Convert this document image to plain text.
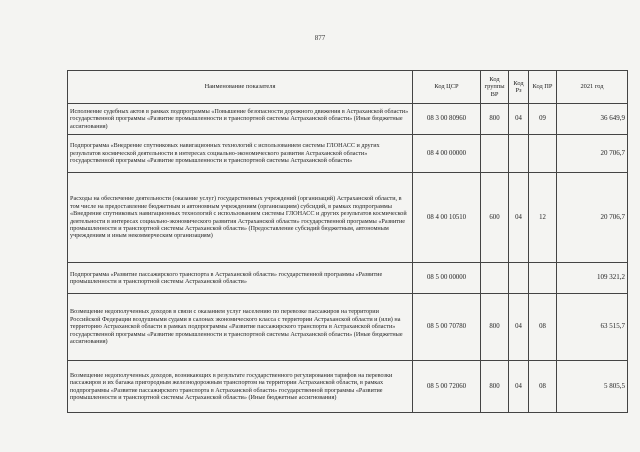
877
Наименование показателя	Код ЦСР	Код группы ВР	Код Рз	Код ПР	2021 год
Исполнение судебных актов в рамках подпрограммы «Повышение безопасности дорожного движения в Астраханской области» государственной программы «Развитие промышленности и транспортной системы Астраханской области» (Иные бюджетные ассигнования)	08 3 00 80960	800	04	09	36 649,9
Подпрограмма «Внедрение спутниковых навигационных технологий с использованием системы ГЛОНАСС и других результатов космической деятельности в интересах социально-экономического развития Астраханской области» государственной программы «Развитие промышленности и транспортной системы Астраханской области»	08 4 00 00000				20 706,7
Расходы на обеспечение деятельности (оказание услуг) государственных учреждений (организаций) Астраханской области, в том числе на предоставление бюджетным и автономным учреждениям (организациям) субсидий, в рамках подпрограммы «Внедрение спутниковых навигационных технологий с использованием системы ГЛОНАСС и других результатов космической деятельности в интересах социально-экономического развития Астраханской области» государственной программы «Развитие промышленности и транспортной системы Астраханской области» (Предоставление субсидий бюджетным, автономным учреждениям и иным некоммерческим организациям)	08 4 00 10510	600	04	12	20 706,7
Подпрограмма «Развитие пассажирского транспорта в Астраханской области» государственной программы «Развитие промышленности и транспортной системы Астраханской области»	08 5 00 00000				109 321,2
Возмещение недополученных доходов в связи с оказанием услуг населению по перевозке пассажиров на территории Российской Федерации воздушными судами в салонах экономического класса с территории Астраханской области и (или) на территорию Астраханской области в рамках подпрограммы «Развитие пассажирского транспорта в Астраханской области» государственной программы «Развитие промышленности и транспортной системы Астраханской области» (Иные бюджетные ассигнования)	08 5 00 70780	800	04	08	63 515,7
Возмещение недополученных доходов, возникающих в результате государственного регулирования тарифов на перевозки пассажиров и их багажа пригородным железнодорожным транспортом на территории Астраханской области, в рамках подпрограммы «Развитие пассажирского транспорта в Астраханской области» государственной программы «Развитие промышленности и транспортной системы Астраханской области» (Иные бюджетные ассигнования)	08 5 00 72060	800	04	08	5 805,5
